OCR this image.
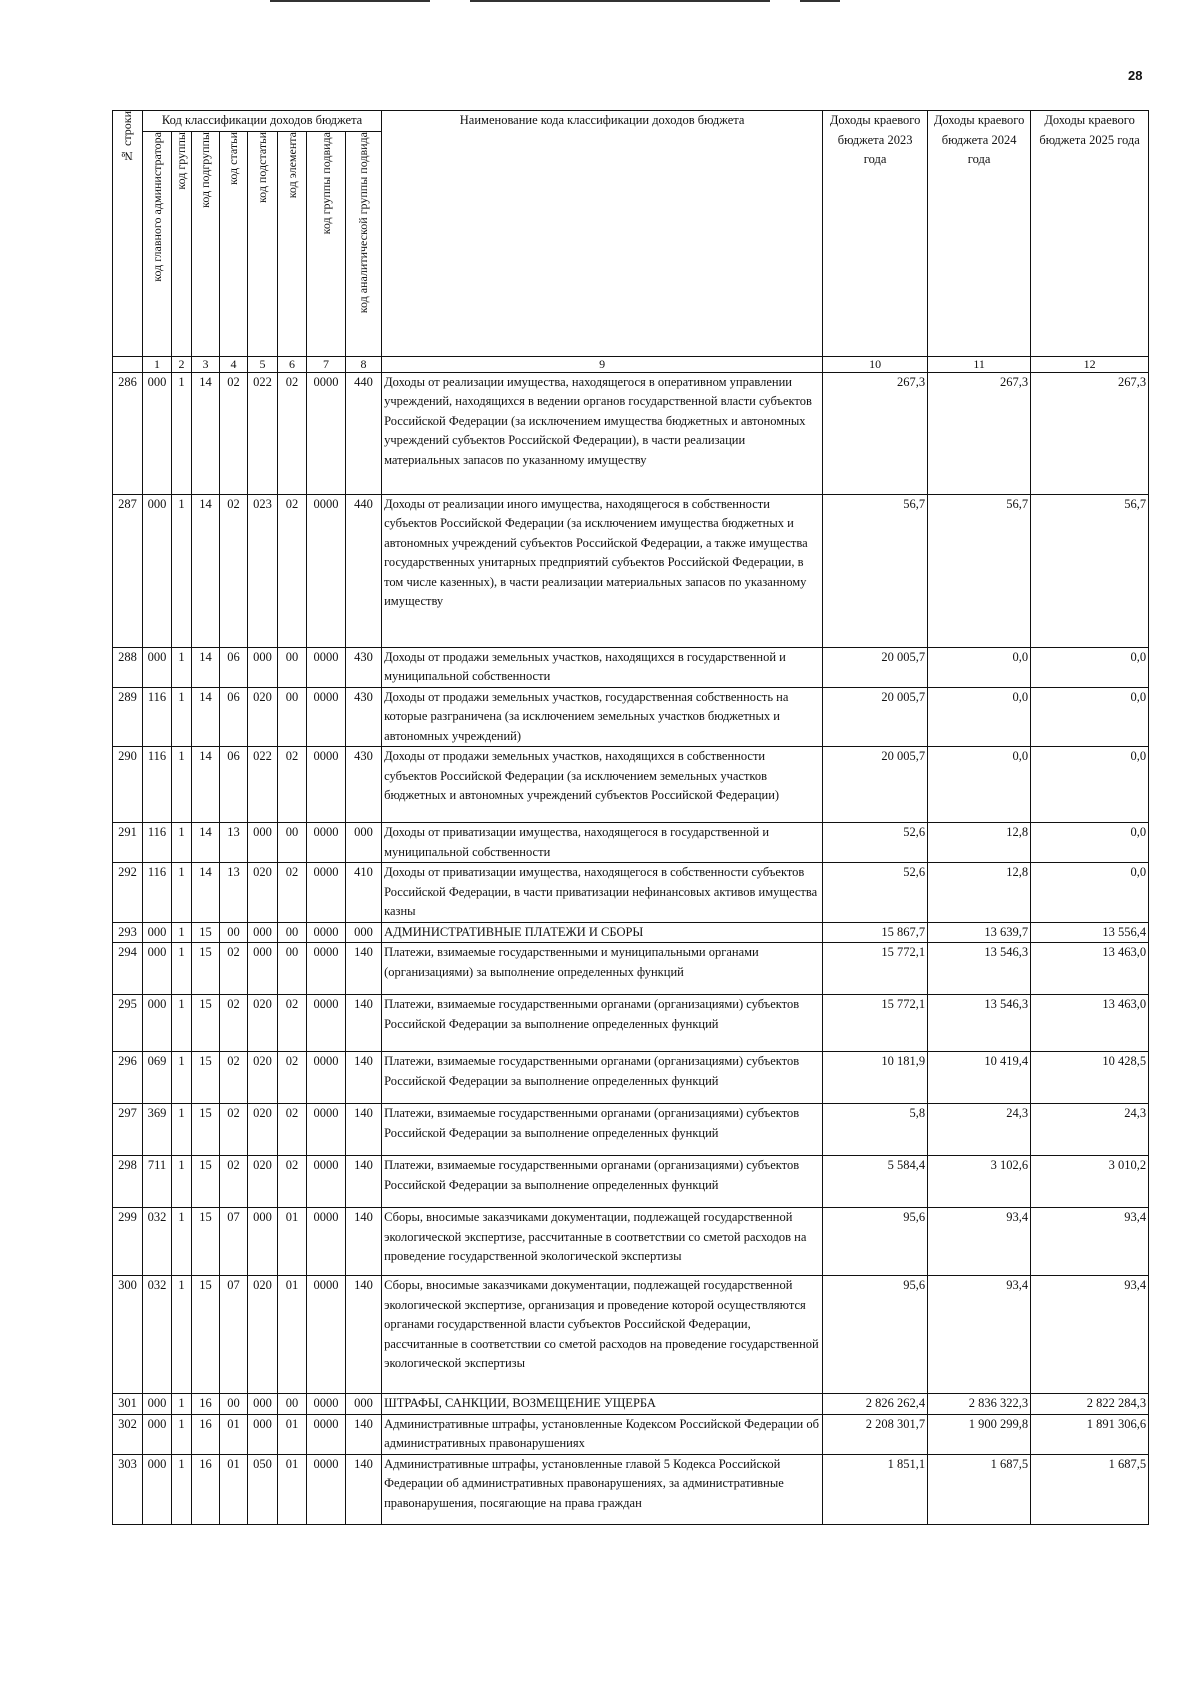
28
№ строки	Код классификации доходов бюджета								Наименование кода классификации доходов бюджета	Доходы краевого бюджета 2023 года	Доходы краевого бюджета 2024 года	Доходы краевого бюджета 2025 года

	код главного администратора	код группы	код подгруппы	код статьи	код подстатьи	код элемента	код группы подвида	код аналитической группы подвида				

	1	2	3	4	5	6	7	8	9	10	11	12
286	000	1	14	02	022	02	0000	440	Доходы от реализации имущества, находящегося в оперативном управлении учреждений, находящихся в ведении органов государственной власти субъектов Российской Федерации (за исключением имущества бюджетных и автономных учреждений субъектов Российской Федерации), в части реализации материальных запасов по указанному имуществу	267,3	267,3	267,3
287	000	1	14	02	023	02	0000	440	Доходы от реализации иного имущества, находящегося в собственности субъектов Российской Федерации (за исключением имущества бюджетных и автономных учреждений субъектов Российской Федерации, а также имущества государственных унитарных предприятий субъектов Российской Федерации, в том числе казенных), в части реализации материальных запасов по указанному имуществу	56,7	56,7	56,7
288	000	1	14	06	000	00	0000	430	Доходы от продажи земельных участков, находящихся в государственной и муниципальной собственности	20 005,7	0,0	0,0
289	116	1	14	06	020	00	0000	430	Доходы от продажи земельных участков, государственная собственность на которые разграничена (за исключением земельных участков бюджетных и автономных учреждений)	20 005,7	0,0	0,0
290	116	1	14	06	022	02	0000	430	Доходы от продажи земельных участков, находящихся в собственности субъектов Российской Федерации (за исключением земельных участков бюджетных и автономных учреждений субъектов Российской Федерации)	20 005,7	0,0	0,0
291	116	1	14	13	000	00	0000	000	Доходы от приватизации имущества, находящегося в государственной и муниципальной собственности	52,6	12,8	0,0
292	116	1	14	13	020	02	0000	410	Доходы от приватизации имущества, находящегося в собственности субъектов Российской Федерации, в части приватизации нефинансовых активов имущества казны	52,6	12,8	0,0
293	000	1	15	00	000	00	0000	000	АДМИНИСТРАТИВНЫЕ ПЛАТЕЖИ И СБОРЫ	15 867,7	13 639,7	13 556,4
294	000	1	15	02	000	00	0000	140	Платежи, взимаемые государственными и муниципальными органами (организациями) за выполнение определенных функций	15 772,1	13 546,3	13 463,0
295	000	1	15	02	020	02	0000	140	Платежи, взимаемые государственными органами (организациями) субъектов Российской Федерации за выполнение определенных функций	15 772,1	13 546,3	13 463,0
296	069	1	15	02	020	02	0000	140	Платежи, взимаемые государственными органами (организациями) субъектов Российской Федерации за выполнение определенных функций	10 181,9	10 419,4	10 428,5
297	369	1	15	02	020	02	0000	140	Платежи, взимаемые государственными органами (организациями) субъектов Российской Федерации за выполнение определенных функций	5,8	24,3	24,3
298	711	1	15	02	020	02	0000	140	Платежи, взимаемые государственными органами (организациями) субъектов Российской Федерации за выполнение определенных функций	5 584,4	3 102,6	3 010,2
299	032	1	15	07	000	01	0000	140	Сборы, вносимые заказчиками документации, подлежащей государственной экологической экспертизе, рассчитанные в соответствии со сметой расходов на проведение государственной экологической экспертизы	95,6	93,4	93,4
300	032	1	15	07	020	01	0000	140	Сборы, вносимые заказчиками документации, подлежащей государственной экологической экспертизе, организация и проведение которой осуществляются органами государственной власти субъектов Российской Федерации, рассчитанные в соответствии со сметой расходов на проведение государственной экологической экспертизы	95,6	93,4	93,4
301	000	1	16	00	000	00	0000	000	ШТРАФЫ, САНКЦИИ, ВОЗМЕЩЕНИЕ УЩЕРБА	2 826 262,4	2 836 322,3	2 822 284,3
302	000	1	16	01	000	01	0000	140	Административные штрафы, установленные Кодексом Российской Федерации об административных правонарушениях	2 208 301,7	1 900 299,8	1 891 306,6
303	000	1	16	01	050	01	0000	140	Административные штрафы, установленные главой 5 Кодекса Российской Федерации об административных правонарушениях, за административные правонарушения, посягающие на права граждан	1 851,1	1 687,5	1 687,5
